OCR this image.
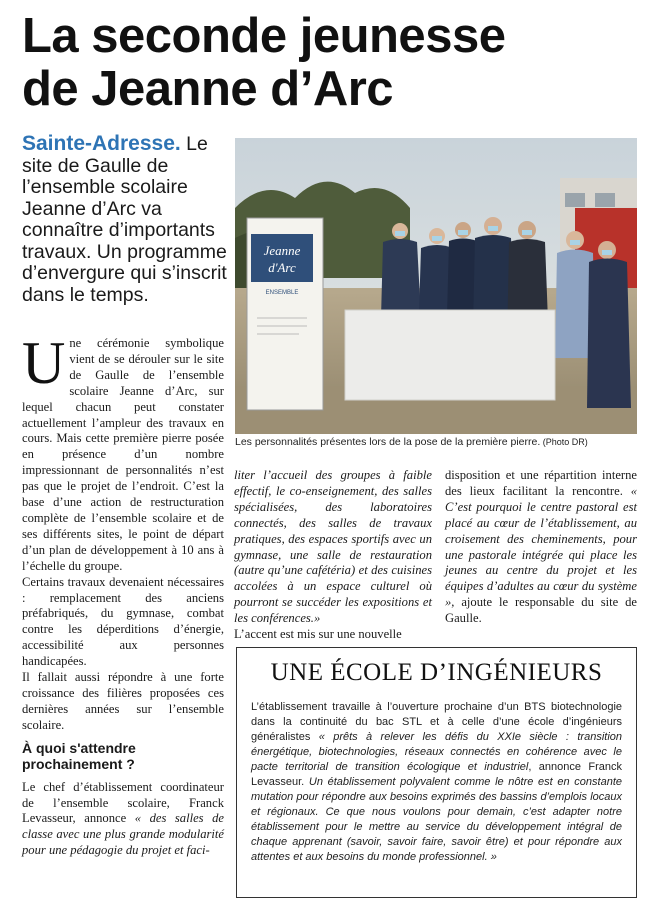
La seconde jeunesse
de Jeanne d’Arc
Sainte-Adresse. Le site de Gaulle de l’ensemble scolaire Jeanne d’Arc va connaître d’importants travaux. Un programme d’envergure qui s’inscrit dans le temps.
Jeanne
d'Arc
ENSEMBLE
Les personnalités présentes lors de la pose de la première pierre. (Photo DR)

Une cérémonie symbolique vient de se dérouler sur le site de Gaulle de l’ensemble scolaire Jeanne d’Arc, sur lequel chacun peut constater actuellement l’ampleur des travaux en cours. Mais cette première pierre posée en présence d’un nombre impressionnant de personnalités n’est pas que le projet de l’endroit. C’est la base d’une action de restructuration complète de l’ensemble scolaire et de ses différents sites, le point de départ d’un plan de développement à 10 ans à l’échelle du groupe.

Certains travaux devenaient nécessaires : remplacement des anciens préfabriqués, du gymnase, combat contre les déperditions d’énergie, accessibilité aux personnes handicapées.

Il fallait aussi répondre à une forte croissance des filières proposées ces dernières années sur l’ensemble scolaire.

À quoi s'attendre prochainement ?

Le chef d’établissement coordinateur de l’ensemble scolaire, Franck Levasseur, annonce « des salles de classe avec une plus grande modularité pour une pédagogie du projet et faci-

liter l’accueil des groupes à faible effectif, le co-enseignement, des salles spécialisées, des laboratoires connectés, des salles de travaux pratiques, des espaces sportifs avec un gymnase, une salle de restauration (autre qu’une cafétéria) et des cuisines accolées à un espace culturel où pourront se succéder les expositions et les conférences.»

L’accent est mis sur une nouvelle

disposition et une répartition interne des lieux facilitant la rencontre. « C’est pourquoi le centre pastoral est placé au cœur de l’établissement, au croisement des cheminements, pour une pastorale intégrée qui place les jeunes au centre du projet et les équipes d’adultes au cœur du système », ajoute le responsable du site de Gaulle.

UNE ÉCOLE D’INGÉNIEURS

L’établissement travaille à l’ouverture prochaine d’un BTS biotechnologie dans la continuité du bac STL et à celle d’une école d’ingénieurs généralistes « prêts à relever les défis du XXIe siècle : transition énergétique, biotechnologies, réseaux connectés en cohérence avec le pacte territorial de transition écologique et industriel, annonce Franck Levasseur. Un établissement polyvalent comme le nôtre est en constante mutation pour répondre aux besoins exprimés des bassins d’emplois locaux et régionaux. Ce que nous voulons pour demain, c’est adapter notre établissement pour le mettre au service du développement intégral de chaque apprenant (savoir, savoir faire, savoir être) et pour répondre aux attentes et aux besoins du monde professionnel. »
